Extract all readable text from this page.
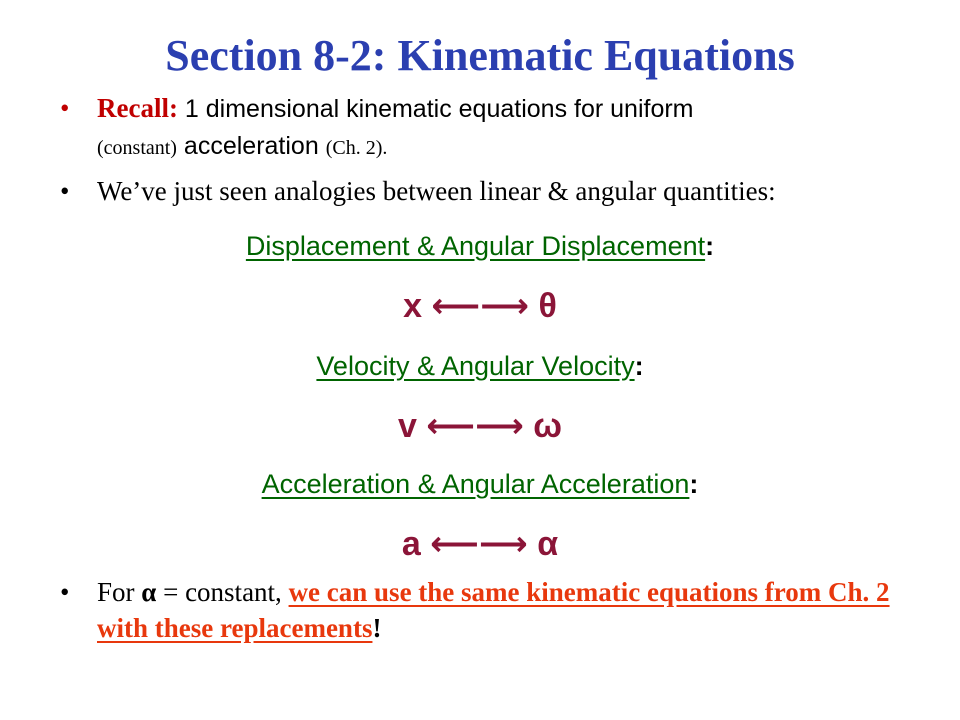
Section 8-2: Kinematic Equations
•	Recall: 1 dimensional kinematic equations for uniform
(constant) acceleration (Ch. 2).
•	We’ve just seen analogies between linear & angular quantities:
Displacement & Angular Displacement:
x ⟵⟶ θ
Velocity & Angular Velocity:
v ⟵⟶ ω
Acceleration & Angular Acceleration:
a ⟵⟶ α
•	For α = constant, we can use the same kinematic equations from Ch. 2 with these replacements!
